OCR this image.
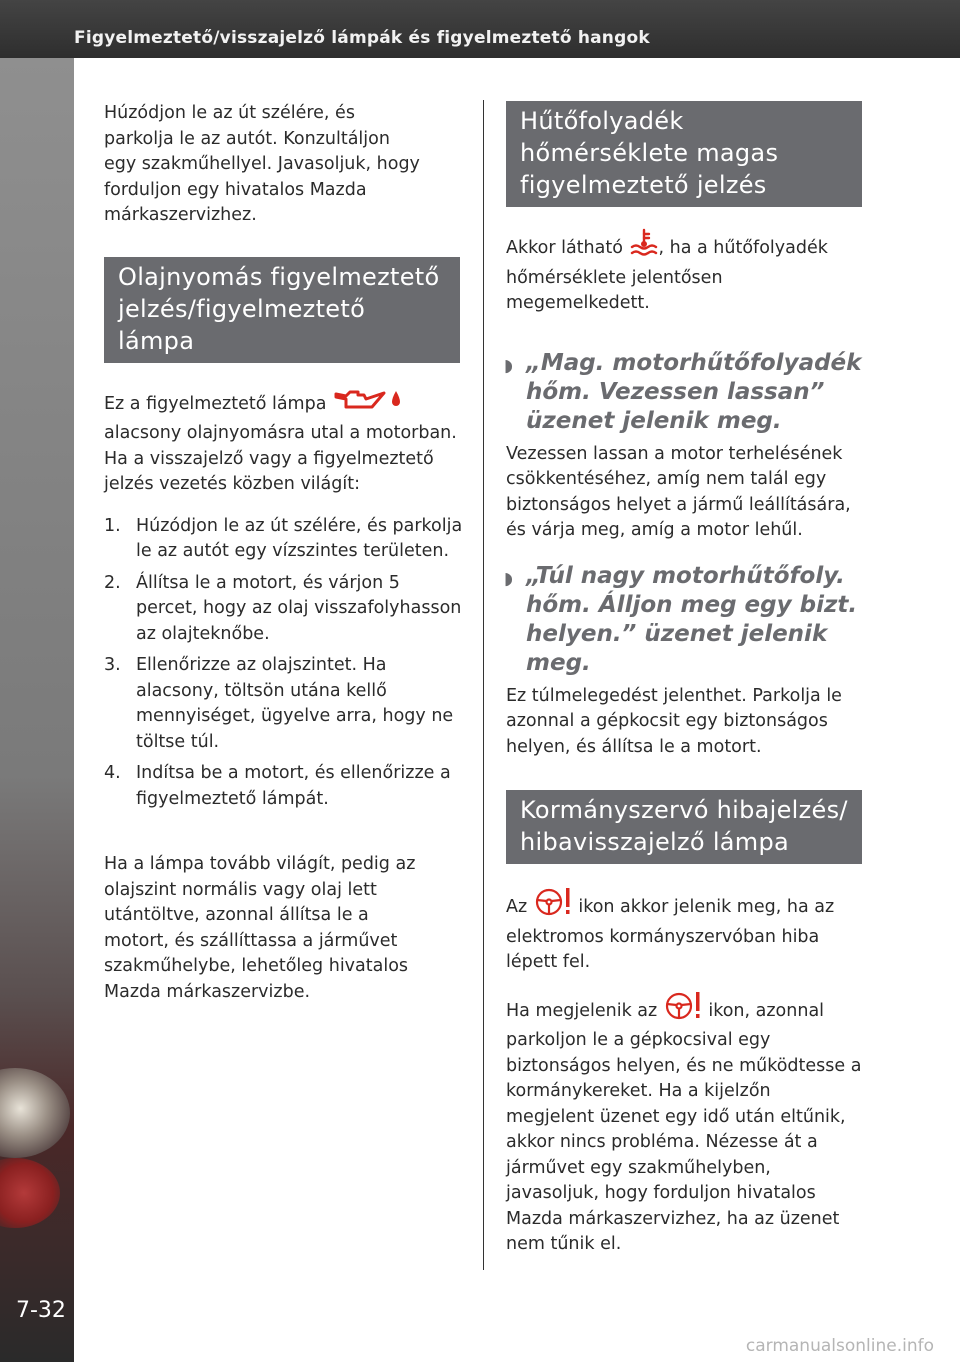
Figyelmeztető/visszajelző lámpák és figyelmeztető hangok
7-32

Húzódjon le az út szélére, és parkolja le az autót. Konzultáljon egy szakműhellyel. Javasoljuk, hogy forduljon egy hivatalos Mazda márkaszervizhez.

Olajnyomás figyelmeztető
jelzés/figyelmeztető lámpa

Ez a figyelmeztető lámpa  alacsony olajnyomásra utal a motorban. Ha a visszajelző vagy a figyelmeztető jelzés vezetés közben világít:

1. Húzódjon le az út szélére, és parkolja le az autót egy vízszintes területen.
2. Állítsa le a motort, és várjon 5 percet, hogy az olaj visszafolyhasson az olajteknőbe.
3. Ellenőrizze az olajszintet. Ha alacsony, töltsön utána kellő mennyiséget, ügyelve arra, hogy ne töltse túl.
4. Indítsa be a motort, és ellenőrizze a figyelmeztető lámpát.

Ha a lámpa tovább világít, pedig az olajszint normális vagy olaj lett utántöltve, azonnal állítsa le a motort, és szállíttassa a járművet szakműhelybe, lehetőleg hivatalos Mazda márkaszervizbe.

Hűtőfolyadék
hőmérséklete magas
figyelmeztető jelzés

Akkor látható , ha a hűtőfolyadék hőmérséklete jelentősen megemelkedett.

◗ „Mag. motorhűtőfolyadék
hőm. Vezessen lassan”
üzenet jelenik meg.

Vezessen lassan a motor terhelésének csökkentéséhez, amíg nem talál egy biztonságos helyet a jármű leállítására, és várja meg, amíg a motor lehűl.

◗ „Túl nagy motorhűtőfoly.
hőm. Álljon meg egy bizt.
helyen.” üzenet jelenik meg.

Ez túlmelegedést jelenthet. Parkolja le azonnal a gépkocsit egy biztonságos helyen, és állítsa le a motort.

Kormányszervó hibajelzés/
hibavisszajelző lámpa

Az	ikon akkor jelenik meg, ha az elektromos kormányszervóban hiba lépett fel.

Ha megjelenik az	ikon, azonnal parkoljon le a gépkocsival egy biztonságos helyen, és ne működtesse a kormánykereket. Ha a kijelzőn megjelent üzenet egy idő után eltűnik, akkor nincs probléma. Nézesse át a járművet egy szakműhelyben, javasoljuk, hogy forduljon hivatalos Mazda márkaszervizhez, ha az üzenet nem tűnik el.

carmanualsonline.info
